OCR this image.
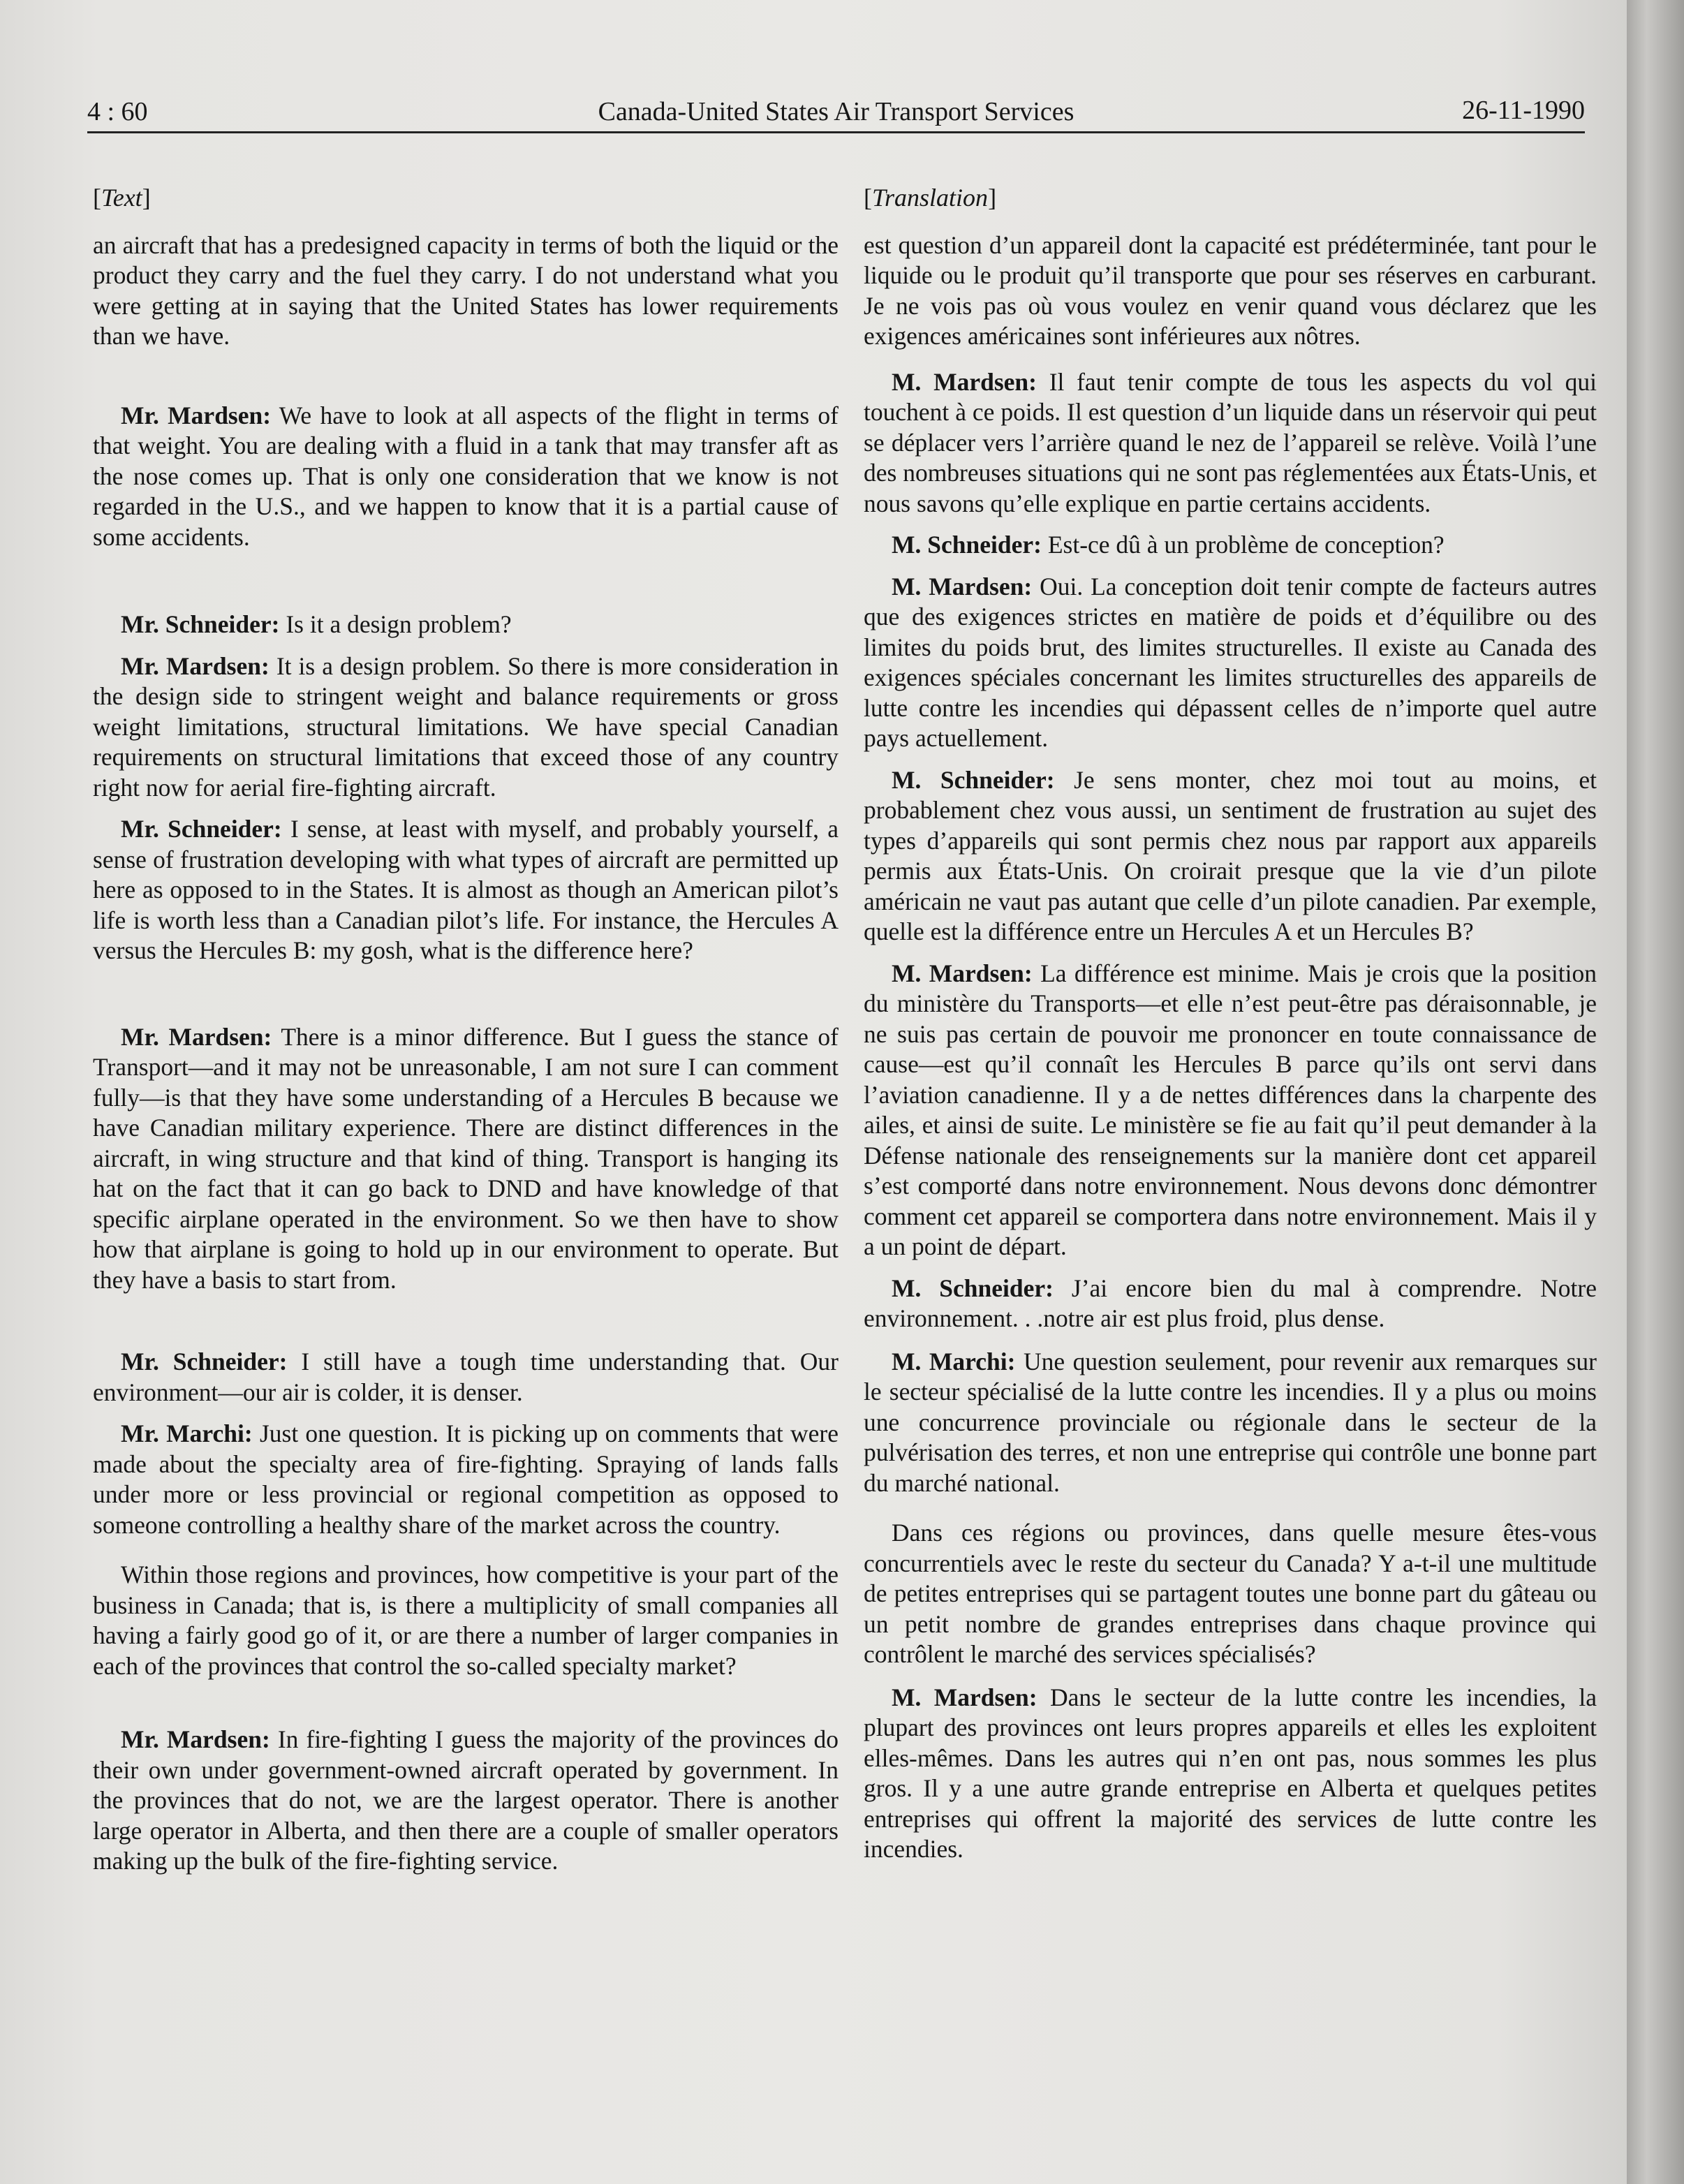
4 : 60	Canada-United States Air Transport Services	26-11-1990
[Text]

an aircraft that has a predesigned capacity in terms of both the liquid or the product they carry and the fuel they carry. I do not understand what you were getting at in saying that the United States has lower requirements than we have.

Mr. Mardsen: We have to look at all aspects of the flight in terms of that weight. You are dealing with a fluid in a tank that may transfer aft as the nose comes up. That is only one consideration that we know is not regarded in the U.S., and we happen to know that it is a partial cause of some accidents.

Mr. Schneider: Is it a design problem?

Mr. Mardsen: It is a design problem. So there is more consideration in the design side to stringent weight and balance requirements or gross weight limitations, structural limitations. We have special Canadian requirements on structural limitations that exceed those of any country right now for aerial fire-fighting aircraft.

Mr. Schneider: I sense, at least with myself, and probably yourself, a sense of frustration developing with what types of aircraft are permitted up here as opposed to in the States. It is almost as though an American pilot’s life is worth less than a Canadian pilot’s life. For instance, the Hercules A versus the Hercules B: my gosh, what is the difference here?

Mr. Mardsen: There is a minor difference. But I guess the stance of Transport—and it may not be unreasonable, I am not sure I can comment fully—is that they have some understanding of a Hercules B because we have Canadian military experience. There are distinct differences in the aircraft, in wing structure and that kind of thing. Transport is hanging its hat on the fact that it can go back to DND and have knowledge of that specific airplane operated in the environment. So we then have to show how that airplane is going to hold up in our environment to operate. But they have a basis to start from.

Mr. Schneider: I still have a tough time understanding that. Our environment—our air is colder, it is denser.

Mr. Marchi: Just one question. It is picking up on comments that were made about the specialty area of fire-fighting. Spraying of lands falls under more or less provincial or regional competition as opposed to someone controlling a healthy share of the market across the country.

Within those regions and provinces, how competitive is your part of the business in Canada; that is, is there a multiplicity of small companies all having a fairly good go of it, or are there a number of larger companies in each of the provinces that control the so-called specialty market?

Mr. Mardsen: In fire-fighting I guess the majority of the provinces do their own under government-owned aircraft operated by government. In the provinces that do not, we are the largest operator. There is another large operator in Alberta, and then there are a couple of smaller operators making up the bulk of the fire-fighting service.

[Translation]

est question d’un appareil dont la capacité est prédéterminée, tant pour le liquide ou le produit qu’il transporte que pour ses réserves en carburant. Je ne vois pas où vous voulez en venir quand vous déclarez que les exigences américaines sont inférieures aux nôtres.

M. Mardsen: Il faut tenir compte de tous les aspects du vol qui touchent à ce poids. Il est question d’un liquide dans un réservoir qui peut se déplacer vers l’arrière quand le nez de l’appareil se relève. Voilà l’une des nombreuses situations qui ne sont pas réglementées aux États-Unis, et nous savons qu’elle explique en partie certains accidents.

M. Schneider: Est-ce dû à un problème de conception?

M. Mardsen: Oui. La conception doit tenir compte de facteurs autres que des exigences strictes en matière de poids et d’équilibre ou des limites du poids brut, des limites structurelles. Il existe au Canada des exigences spéciales concernant les limites structurelles des appareils de lutte contre les incendies qui dépassent celles de n’importe quel autre pays actuellement.

M. Schneider: Je sens monter, chez moi tout au moins, et probablement chez vous aussi, un sentiment de frustration au sujet des types d’appareils qui sont permis chez nous par rapport aux appareils permis aux États-Unis. On croirait presque que la vie d’un pilote américain ne vaut pas autant que celle d’un pilote canadien. Par exemple, quelle est la différence entre un Hercules A et un Hercules B?

M. Mardsen: La différence est minime. Mais je crois que la position du ministère du Transports—et elle n’est peut-être pas déraisonnable, je ne suis pas certain de pouvoir me prononcer en toute connaissance de cause—est qu’il connaît les Hercules B parce qu’ils ont servi dans l’aviation canadienne. Il y a de nettes différences dans la charpente des ailes, et ainsi de suite. Le ministère se fie au fait qu’il peut demander à la Défense nationale des renseignements sur la manière dont cet appareil s’est comporté dans notre environnement. Nous devons donc démontrer comment cet appareil se comportera dans notre environnement. Mais il y a un point de départ.

M. Schneider: J’ai encore bien du mal à comprendre. Notre environnement. . .notre air est plus froid, plus dense.

M. Marchi: Une question seulement, pour revenir aux remarques sur le secteur spécialisé de la lutte contre les incendies. Il y a plus ou moins une concurrence provinciale ou régionale dans le secteur de la pulvérisation des terres, et non une entreprise qui contrôle une bonne part du marché national.

Dans ces régions ou provinces, dans quelle mesure êtes-vous concurrentiels avec le reste du secteur du Canada? Y a-t-il une multitude de petites entreprises qui se partagent toutes une bonne part du gâteau ou un petit nombre de grandes entreprises dans chaque province qui contrôlent le marché des services spécialisés?

M. Mardsen: Dans le secteur de la lutte contre les incendies, la plupart des provinces ont leurs propres appareils et elles les exploitent elles-mêmes. Dans les autres qui n’en ont pas, nous sommes les plus gros. Il y a une autre grande entreprise en Alberta et quelques petites entreprises qui offrent la majorité des services de lutte contre les incendies.
